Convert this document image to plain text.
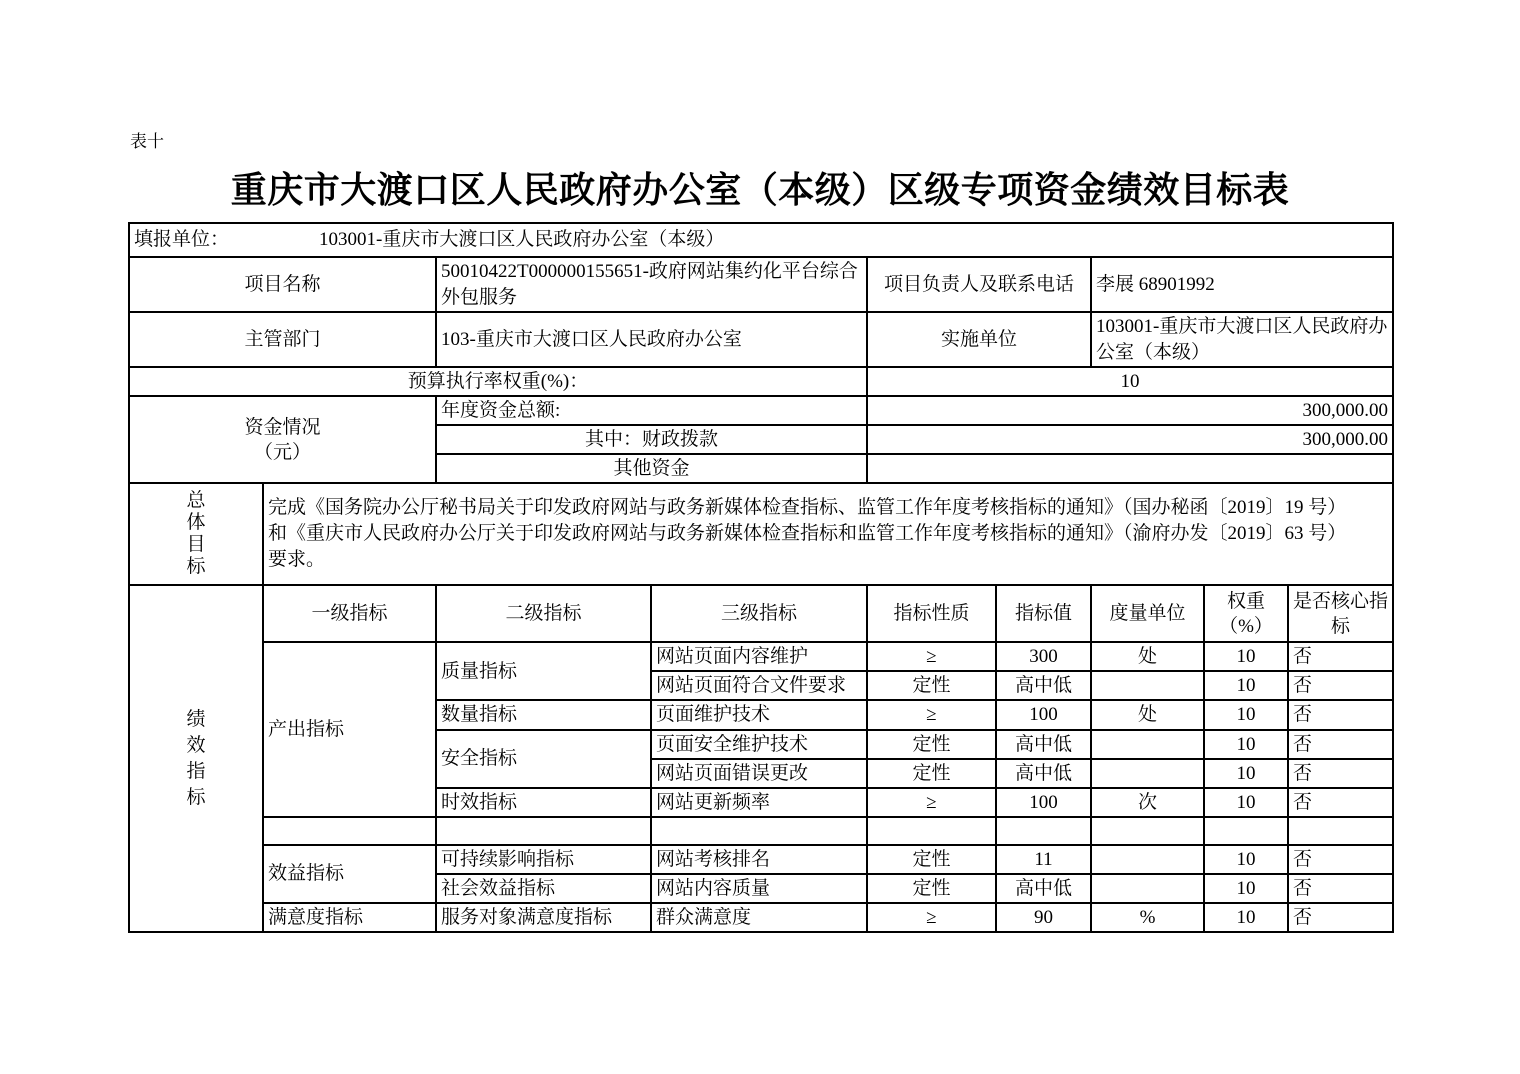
表十
重庆市大渡口区人民政府办公室（本级）区级专项资金绩效目标表
填报单位： 103001-重庆市大渡口区人民政府办公室（本级）								
项目名称		50010422T000000155651-政府网站集约化平台综合外包服务		项目负责人及联系电话		李展 68901992		
主管部门		103-重庆市大渡口区人民政府办公室		实施单位		103001-重庆市大渡口区人民政府办公室（本级）		
预算执行率权重(%)：				10				

资金情况
（元）		年度资金总额:		300,000.00				
		其中：财政拨款		300,000.00				
		其他资金						

总体目标	完成《国务院办公厅秘书局关于印发政府网站与政务新媒体检查指标、监管工作年度考核指标的通知》（国办秘函〔2019〕19 号）
和《重庆市人民政府办公厅关于印发政府网站与政务新媒体检查指标和监管工作年度考核指标的通知》（渝府办发〔2019〕63 号）
要求。							

绩效指标	一级指标	二级指标	三级指标	指标性质	指标值	度量单位	权重（%）	是否核心指标
	产出指标	质量指标	网站页面内容维护	≥	300	处	10	否
			网站页面符合文件要求	定性	高中低		10	否
		数量指标	页面维护技术	≥	100	处	10	否
		安全指标	页面安全维护技术	定性	高中低		10	否
			网站页面错误更改	定性	高中低		10	否
		时效指标	网站更新频率	≥	100	次	10	否

	效益指标	可持续影响指标	网站考核排名	定性	11		10	否
		社会效益指标	网站内容质量	定性	高中低		10	否
	满意度指标	服务对象满意度指标	群众满意度	≥	90	%	10	否
